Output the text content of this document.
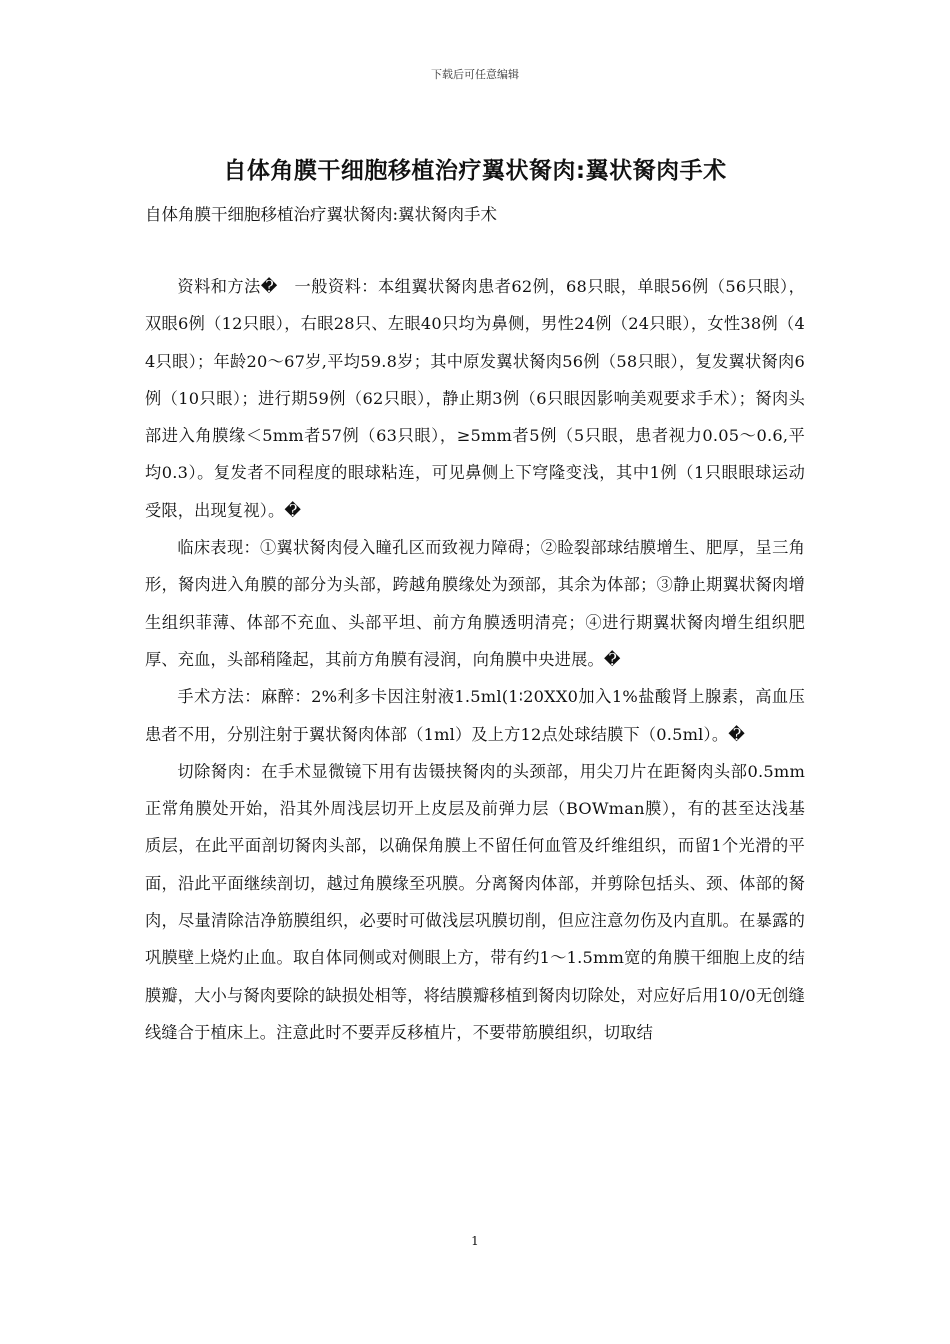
下载后可任意编辑
自体角膜干细胞移植治疗翼状胬肉:翼状胬肉手术
自体角膜干细胞移植治疗翼状胬肉:翼状胬肉手术

资料和方法�　一般资料：本组翼状胬肉患者62例，68只眼，单眼56例（56只眼），双眼6例（12只眼），右眼28只、左眼40只均为鼻侧，男性24例（24只眼），女性38例（44只眼）；年龄20～67岁,平均59.8岁；其中原发翼状胬肉56例（58只眼），复发翼状胬肉6例（10只眼）；进行期59例（62只眼），静止期3例（6只眼因影响美观要求手术）；胬肉头部进入角膜缘＜5mm者57例（63只眼），≥5mm者5例（5只眼，患者视力0.05～0.6,平均0.3）。复发者不同程度的眼球粘连，可见鼻侧上下穹隆变浅，其中1例（1只眼眼球运动受限，出现复视）。�

临床表现：①翼状胬肉侵入瞳孔区而致视力障碍；②睑裂部球结膜增生、肥厚，呈三角形，胬肉进入角膜的部分为头部，跨越角膜缘处为颈部，其余为体部；③静止期翼状胬肉增生组织菲薄、体部不充血、头部平坦、前方角膜透明清亮；④进行期翼状胬肉增生组织肥厚、充血，头部稍隆起，其前方角膜有浸润，向角膜中央进展。�

手术方法：麻醉：2%利多卡因注射液1.5ml(1∶20XX0加入1%盐酸肾上腺素，高血压患者不用，分别注射于翼状胬肉体部（1ml）及上方12点处球结膜下（0.5ml）。�

切除胬肉：在手术显微镜下用有齿镊挟胬肉的头颈部，用尖刀片在距胬肉头部0.5mm正常角膜处开始，沿其外周浅层切开上皮层及前弹力层（BOWman膜），有的甚至达浅基质层，在此平面剖切胬肉头部，以确保角膜上不留任何血管及纤维组织，而留1个光滑的平面，沿此平面继续剖切，越过角膜缘至巩膜。分离胬肉体部，并剪除包括头、颈、体部的胬肉，尽量清除洁净筋膜组织，必要时可做浅层巩膜切削，但应注意勿伤及内直肌。在暴露的巩膜壁上烧灼止血。取自体同侧或对侧眼上方，带有约1～1.5mm宽的角膜干细胞上皮的结膜瓣，大小与胬肉要除的缺损处相等，将结膜瓣移植到胬肉切除处，对应好后用10/0无创缝线缝合于植床上。注意此时不要弄反移植片，不要带筋膜组织，切取结

1
